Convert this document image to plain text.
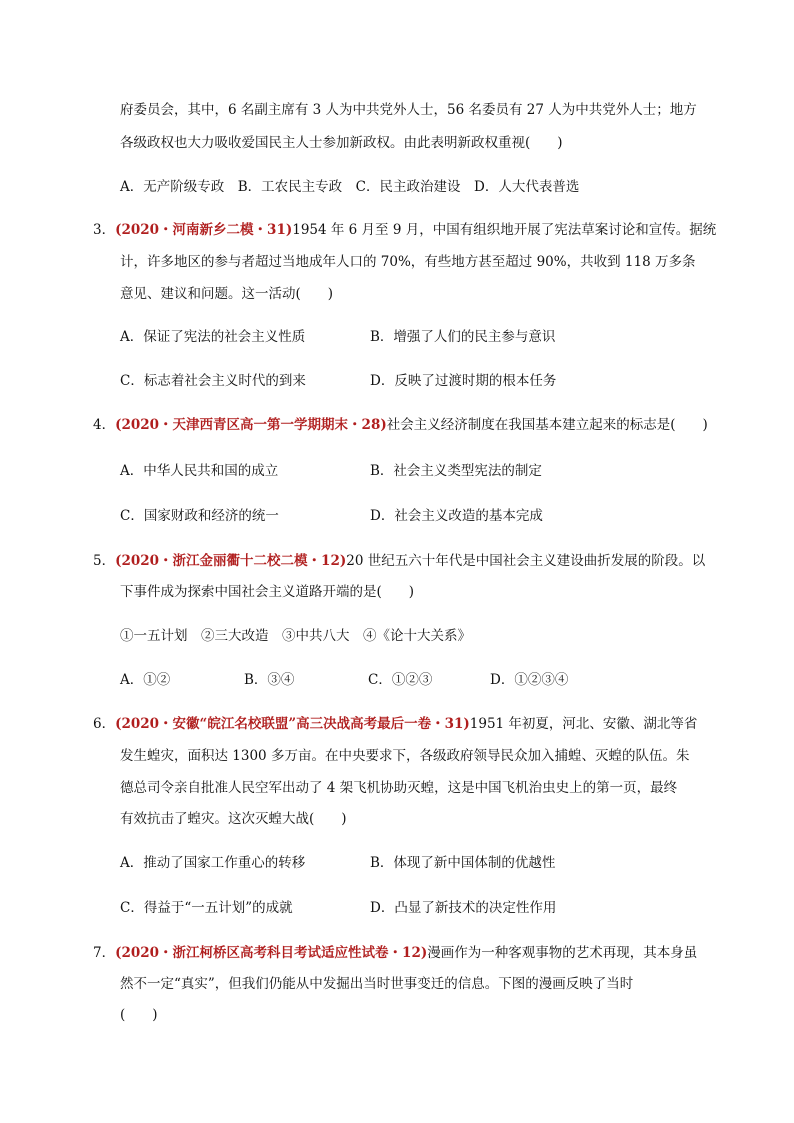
府委员会，其中，6 名副主席有 3 人为中共党外人士，56 名委员有 27 人为中共党外人士；地方
各级政权也大力吸收爱国民主人士参加新政权。由此表明新政权重视(　　)
A．无产阶级专政　B．工农民主专政　C．民主政治建设　D．人大代表普选
3．(2020・河南新乡二模・31)1954 年 6 月至 9 月，中国有组织地开展了宪法草案讨论和宣传。据统
计，许多地区的参与者超过当地成年人口的 70%，有些地方甚至超过 90%，共收到 118 万多条
意见、建议和问题。这一活动(　　)
A．保证了宪法的社会主义性质	B．增强了人们的民主参与意识
C．标志着社会主义时代的到来	D．反映了过渡时期的根本任务
4．(2020・天津西青区高一第一学期期末・28)社会主义经济制度在我国基本建立起来的标志是(　　)
A．中华人民共和国的成立	B．社会主义类型宪法的制定
C．国家财政和经济的统一	D．社会主义改造的基本完成
5．(2020・浙江金丽衢十二校二模・12)20 世纪五六十年代是中国社会主义建设曲折发展的阶段。以
下事件成为探索中国社会主义道路开端的是(　　)
①一五计划　②三大改造　③中共八大　④《论十大关系》
A．①②	B．③④	C．①②③	D．①②③④
6．(2020・安徽“皖江名校联盟”高三决战高考最后一卷・31)1951 年初夏，河北、安徽、湖北等省
发生蝗灾，面积达 1300 多万亩。在中央要求下，各级政府领导民众加入捕蝗、灭蝗的队伍。朱
德总司令亲自批准人民空军出动了 4 架飞机协助灭蝗，这是中国飞机治虫史上的第一页，最终
有效抗击了蝗灾。这次灭蝗大战(　　)
A．推动了国家工作重心的转移	B．体现了新中国体制的优越性
C．得益于“一五计划”的成就	D．凸显了新技术的决定性作用
7．(2020・浙江柯桥区高考科目考试适应性试卷・12)漫画作为一种客观事物的艺术再现，其本身虽
然不一定“真实”，但我们仍能从中发掘出当时世事变迁的信息。下图的漫画反映了当时
(　　)
